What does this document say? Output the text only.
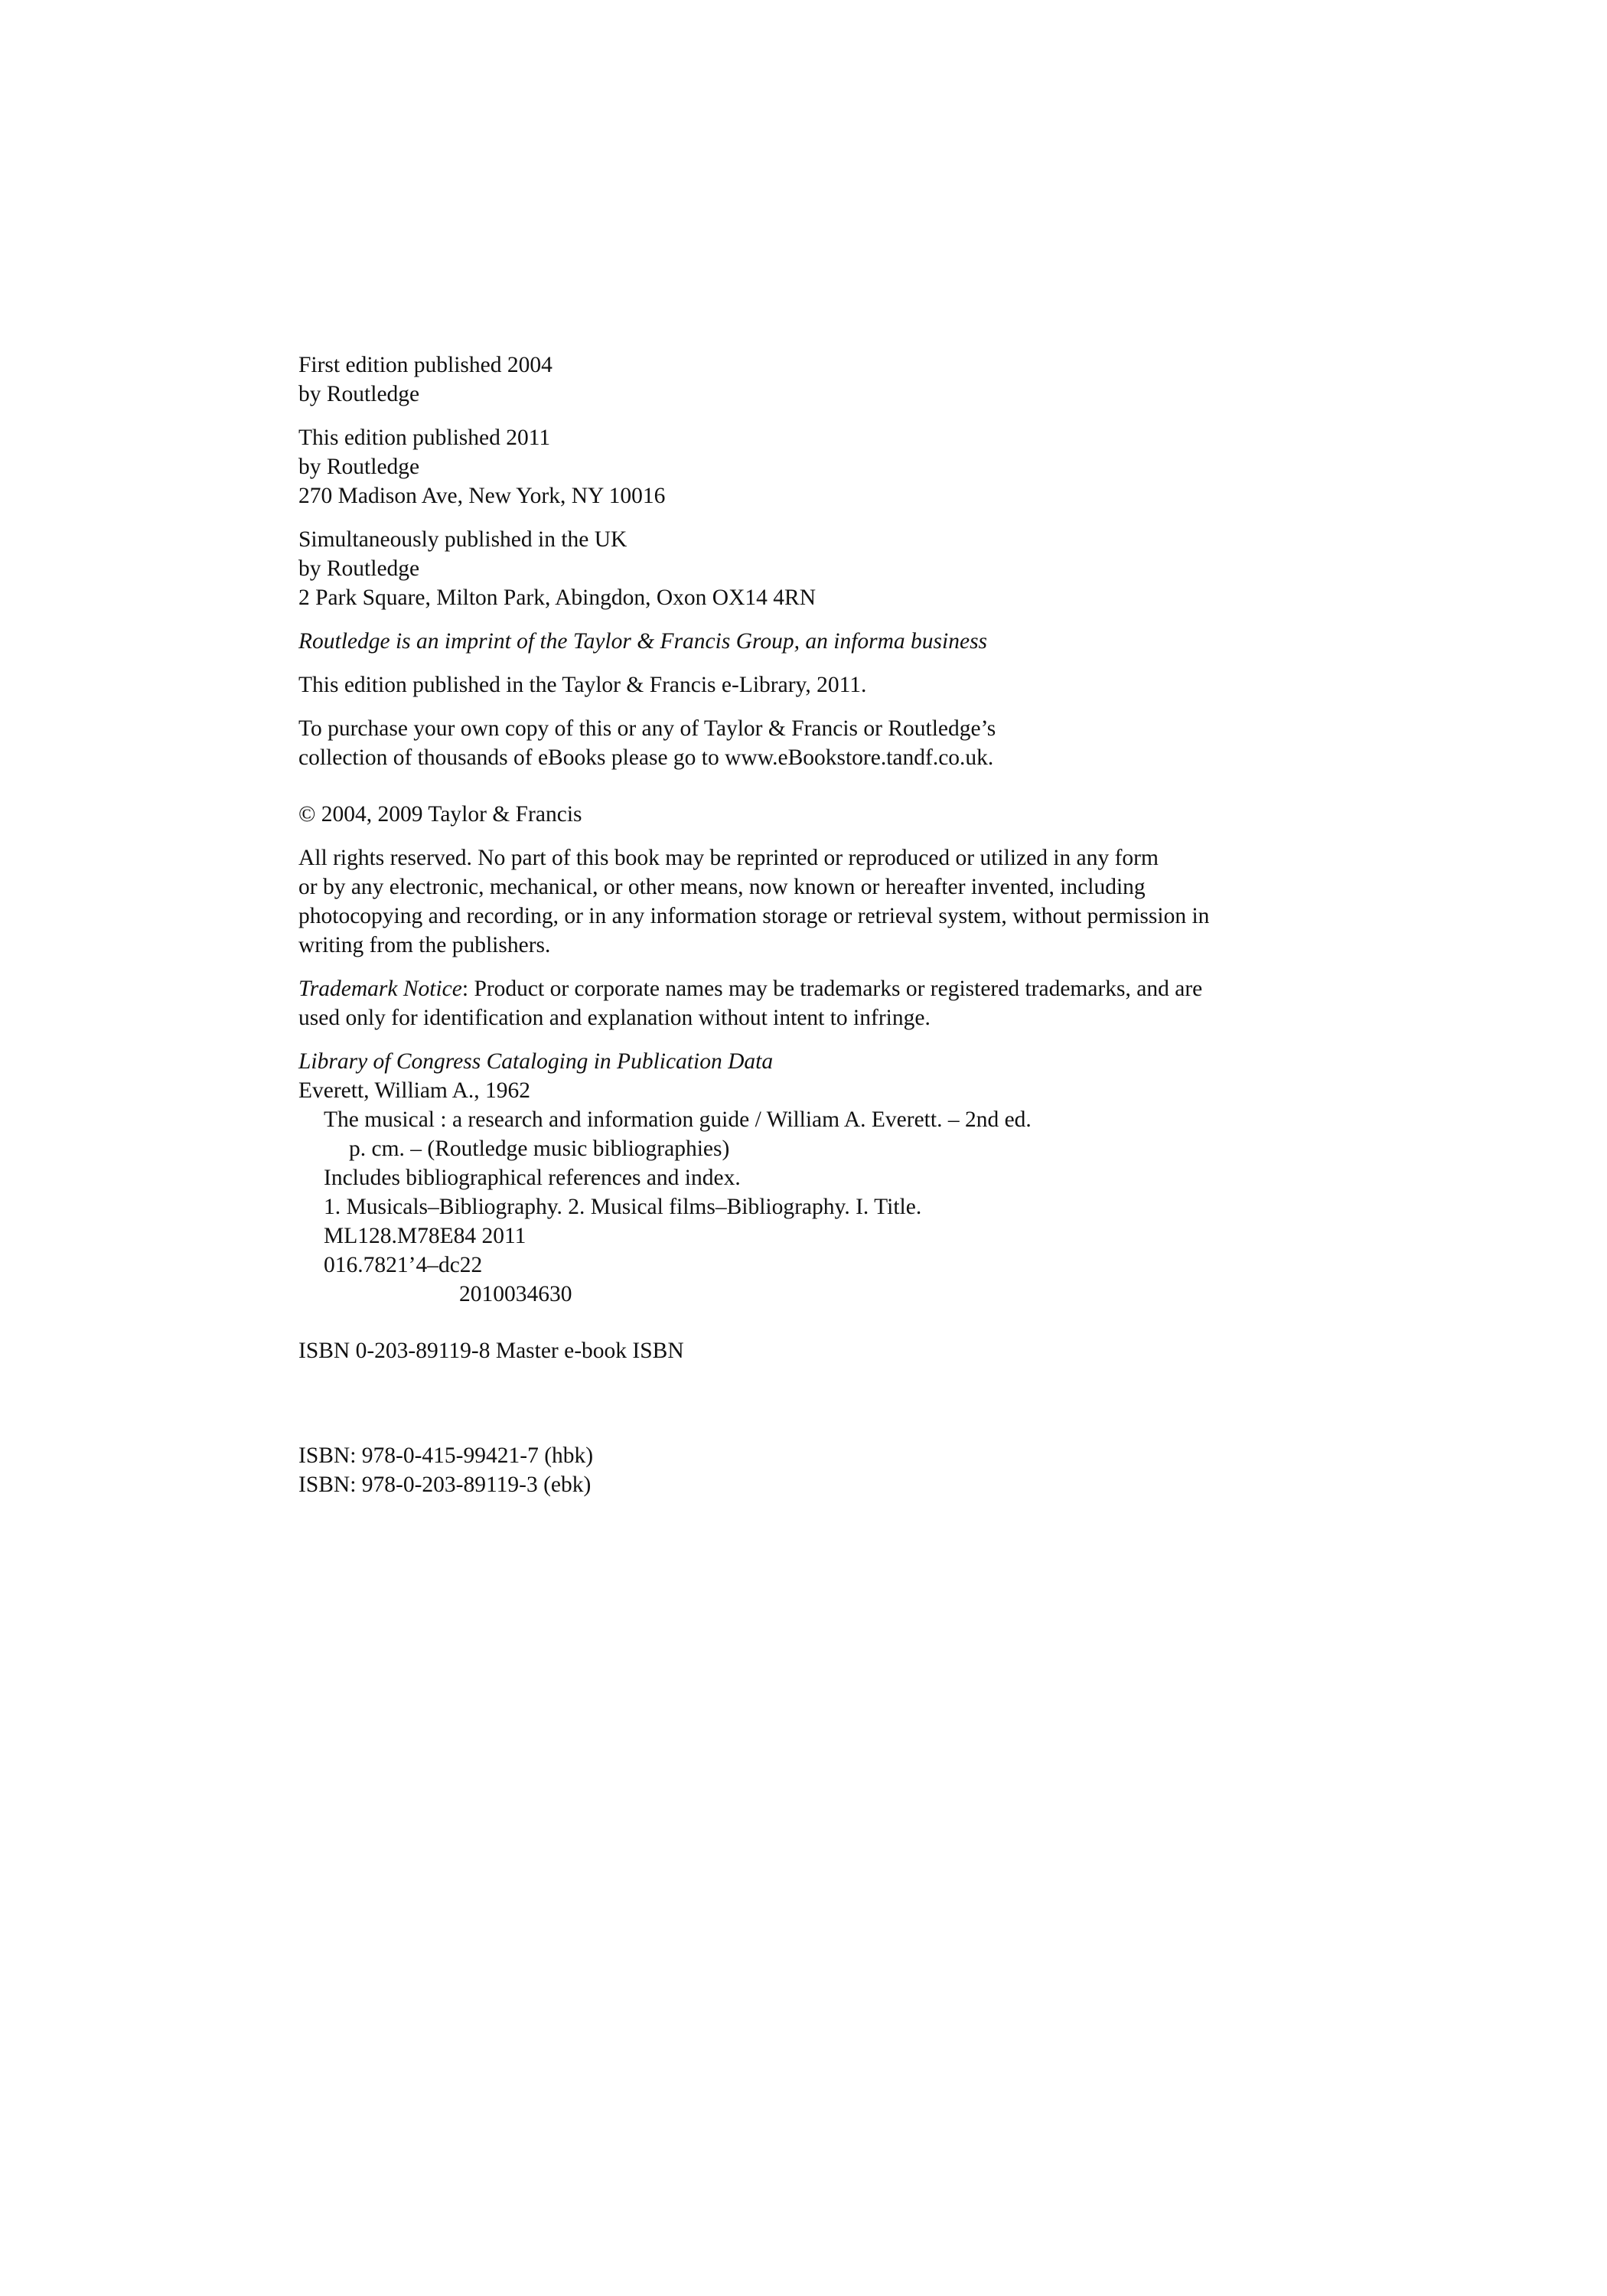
First edition published 2004
by Routledge
This edition published 2011
by Routledge
270 Madison Ave, New York, NY 10016
Simultaneously published in the UK
by Routledge
2 Park Square, Milton Park, Abingdon, Oxon OX14 4RN
Routledge is an imprint of the Taylor & Francis Group, an informa business
This edition published in the Taylor & Francis e-Library, 2011.
To purchase your own copy of this or any of Taylor & Francis or Routledge’s
collection of thousands of eBooks please go to www.eBookstore.tandf.co.uk.
© 2004, 2009 Taylor & Francis
All rights reserved. No part of this book may be reprinted or reproduced or utilized in any form
or by any electronic, mechanical, or other means, now known or hereafter invented, including
photocopying and recording, or in any information storage or retrieval system, without permission in
writing from the publishers.
Trademark Notice: Product or corporate names may be trademarks or registered trademarks, and are
used only for identification and explanation without intent to infringe.
Library of Congress Cataloging in Publication Data
Everett, William A., 1962
The musical : a research and information guide / William A. Everett. – 2nd ed.
p. cm. – (Routledge music bibliographies)
Includes bibliographical references and index.
1. Musicals–Bibliography. 2. Musical films–Bibliography. I. Title.
ML128.M78E84 2011
016.7821’4–dc22
2010034630
ISBN 0-203-89119-8 Master e-book ISBN
ISBN: 978-0-415-99421-7 (hbk)
ISBN: 978-0-203-89119-3 (ebk)
